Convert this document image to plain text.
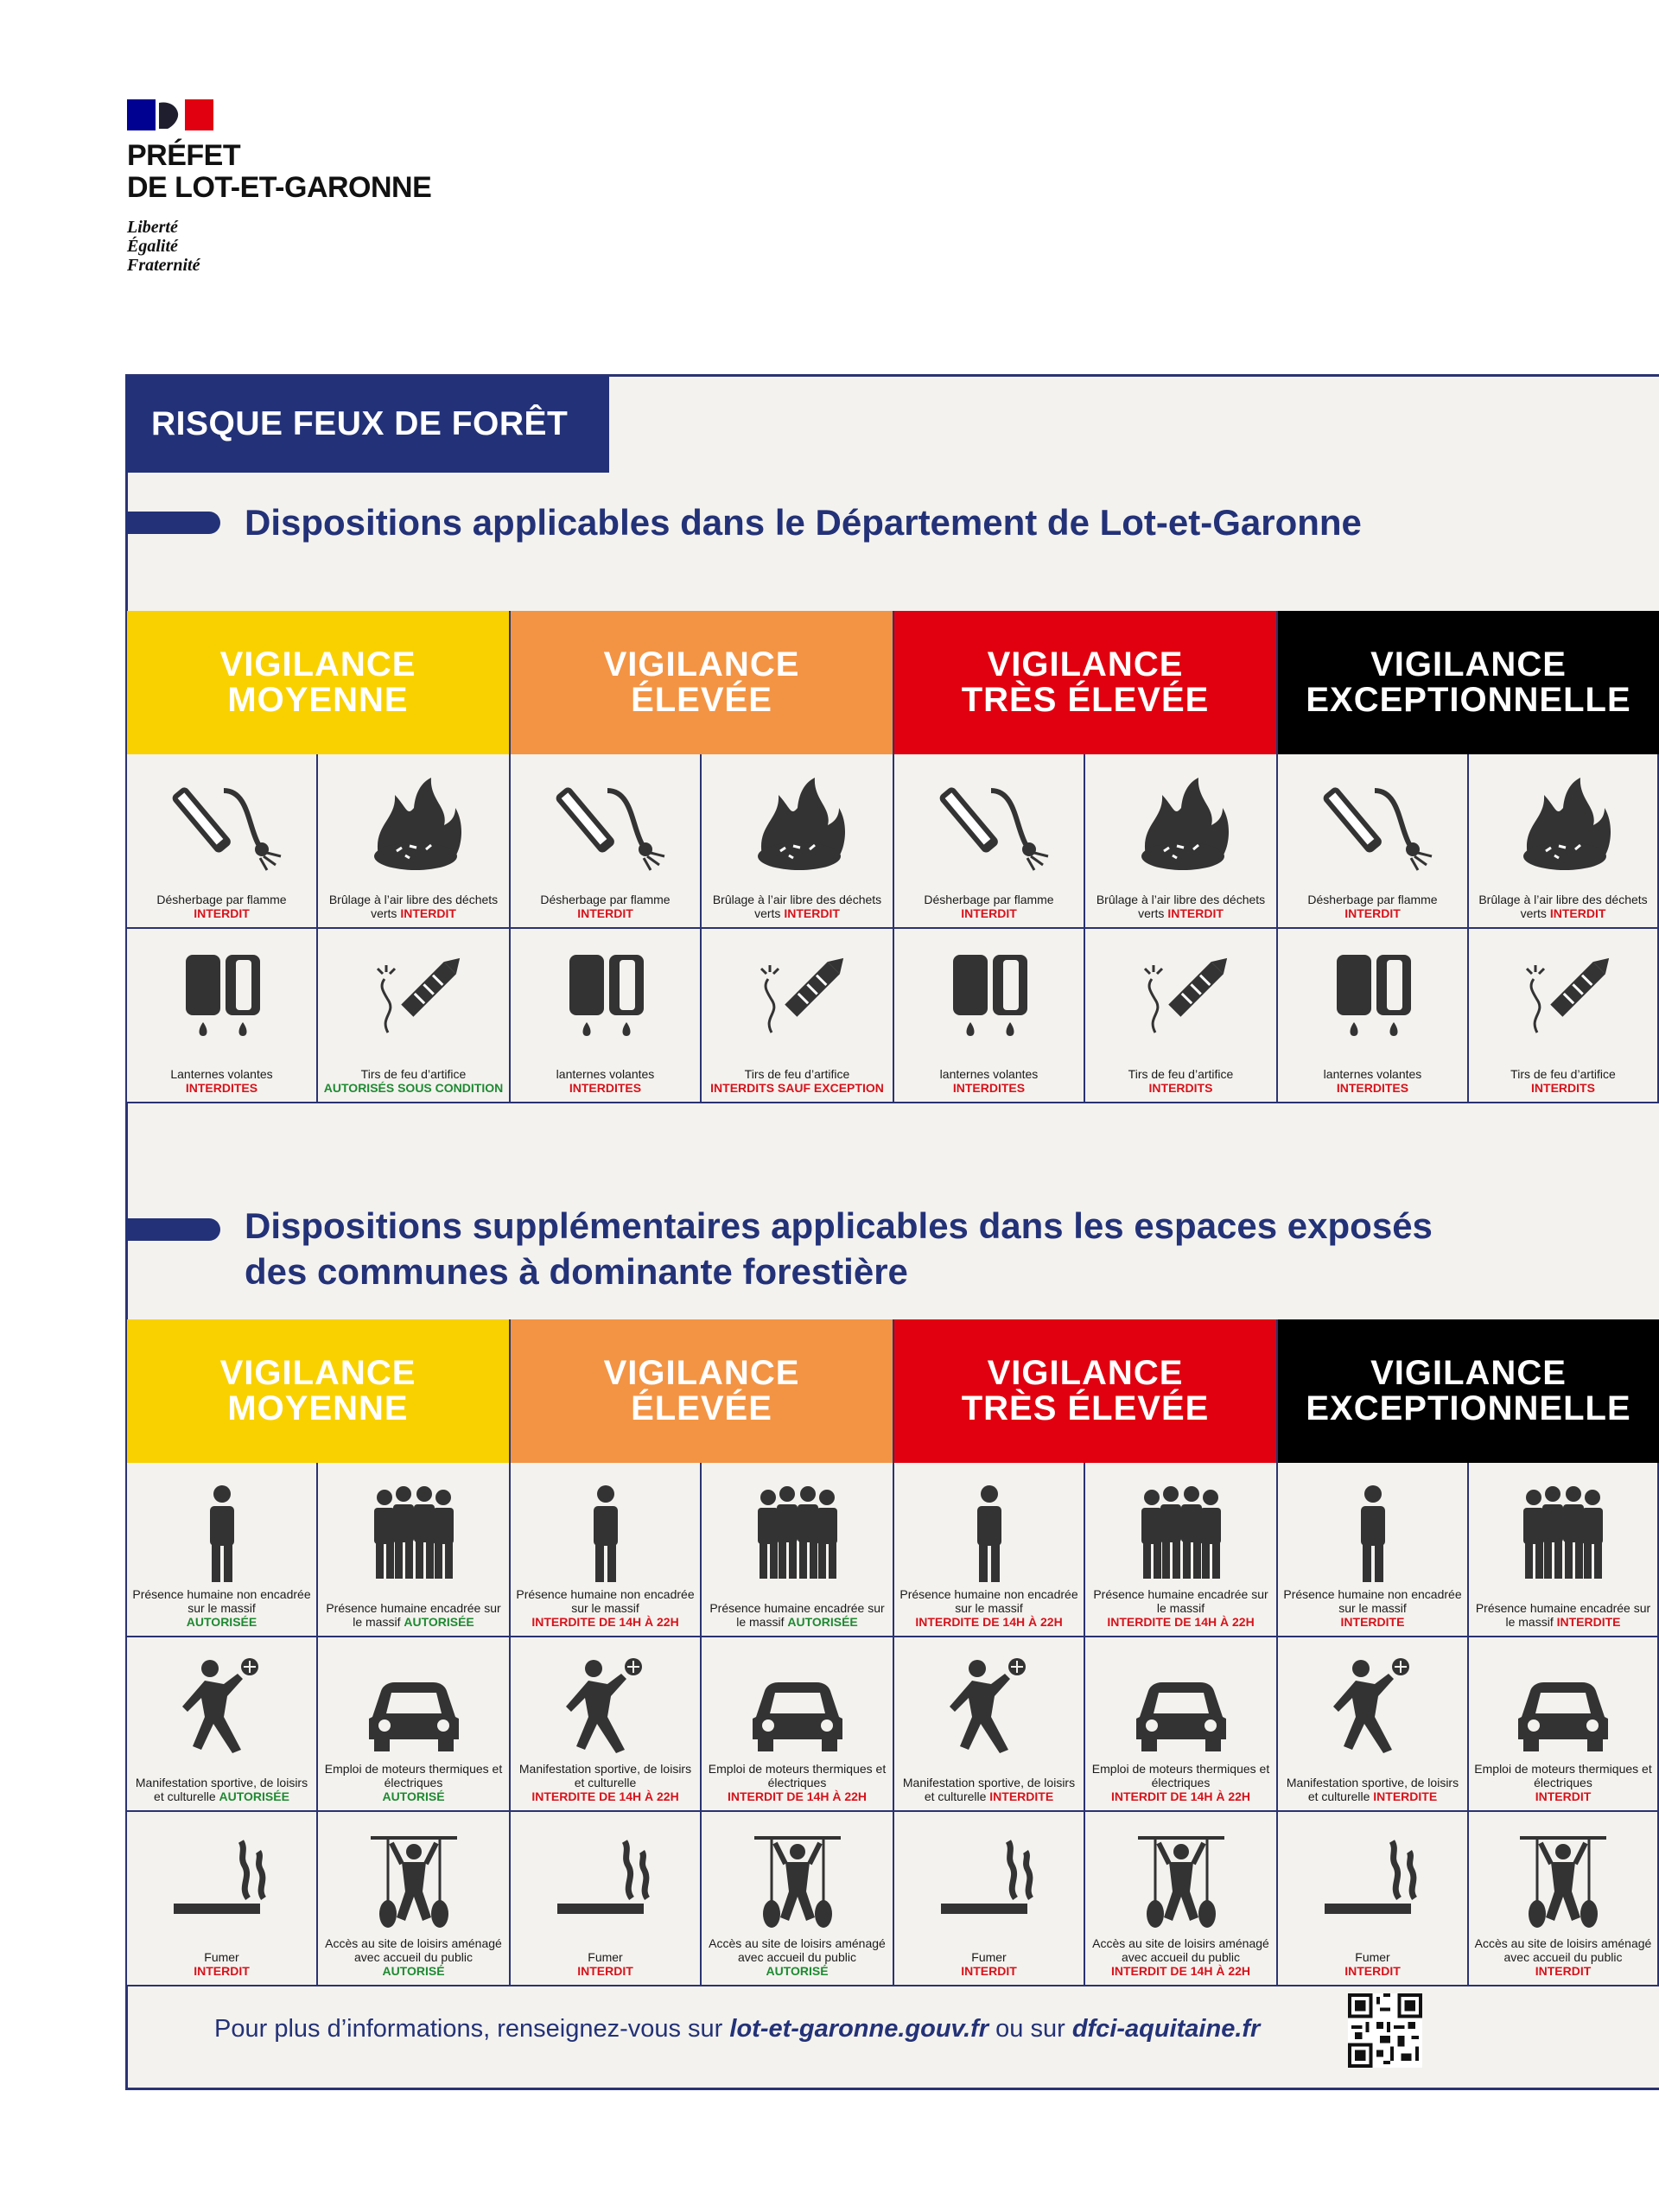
PRÉFET
DE LOT-ET-GARONNE
Liberté
Égalité
Fraternité
RISQUE FEUX DE FORÊT
Dispositions applicables dans le Département de Lot-et-Garonne
Dispositions supplémentaires applicables dans les espaces exposés
des communes à dominante forestière
VIGILANCE
MOYENNE
VIGILANCE
ÉLEVÉE
VIGILANCE
TRÈS ÉLEVÉE
VIGILANCE
EXCEPTIONNELLE
Désherbage par flamme
INTERDIT
Brûlage à l’air libre des déchets verts INTERDIT
Désherbage par flamme
INTERDIT
Brûlage à l’air libre des déchets verts INTERDIT
Désherbage par flamme
INTERDIT
Brûlage à l’air libre des déchets verts INTERDIT
Désherbage par flamme
INTERDIT
Brûlage à l’air libre des déchets verts INTERDIT
Lanternes volantes
INTERDITES
Tirs de feu d’artifice
AUTORISÉS SOUS CONDITION
lanternes volantes
INTERDITES
Tirs de feu d’artifice
INTERDITS SAUF EXCEPTION
lanternes volantes
INTERDITES
Tirs de feu d’artifice
INTERDITS
lanternes volantes
INTERDITES
Tirs de feu d’artifice
INTERDITS
VIGILANCE
MOYENNE
VIGILANCE
ÉLEVÉE
VIGILANCE
TRÈS ÉLEVÉE
VIGILANCE
EXCEPTIONNELLE
Présence humaine non encadrée sur le massif
AUTORISÉE
Présence humaine encadrée sur le massif AUTORISÉE
Présence humaine non encadrée sur le massif
INTERDITE DE 14H À 22H
Présence humaine encadrée sur le massif AUTORISÉE
Présence humaine non encadrée sur le massif
INTERDITE DE 14H À 22H
Présence humaine encadrée sur le massif
INTERDITE DE 14H À 22H
Présence humaine non encadrée sur le massif
INTERDITE
Présence humaine encadrée sur le massif INTERDITE
Manifestation sportive, de loisirs et culturelle AUTORISÉE
Emploi de moteurs thermiques et électriques
AUTORISÉ
Manifestation sportive, de loisirs et culturelle
INTERDITE DE 14H À 22H
Emploi de moteurs thermiques et électriques
INTERDIT DE 14H À 22H
Manifestation sportive, de loisirs et culturelle INTERDITE
Emploi de moteurs thermiques et électriques
INTERDIT DE 14H À 22H
Manifestation sportive, de loisirs et culturelle INTERDITE
Emploi de moteurs thermiques et électriques
INTERDIT
Fumer
INTERDIT
Accès au site de loisirs aménagé avec accueil du public
AUTORISÉ
Fumer
INTERDIT
Accès au site de loisirs aménagé avec accueil du public
AUTORISÉ
Fumer
INTERDIT
Accès au site de loisirs aménagé avec accueil du public
INTERDIT DE 14H À 22H
Fumer
INTERDIT
Accès au site de loisirs aménagé avec accueil du public
INTERDIT
Pour plus d’informations, renseignez-vous sur lot-et-garonne.gouv.fr ou sur dfci-aquitaine.fr
